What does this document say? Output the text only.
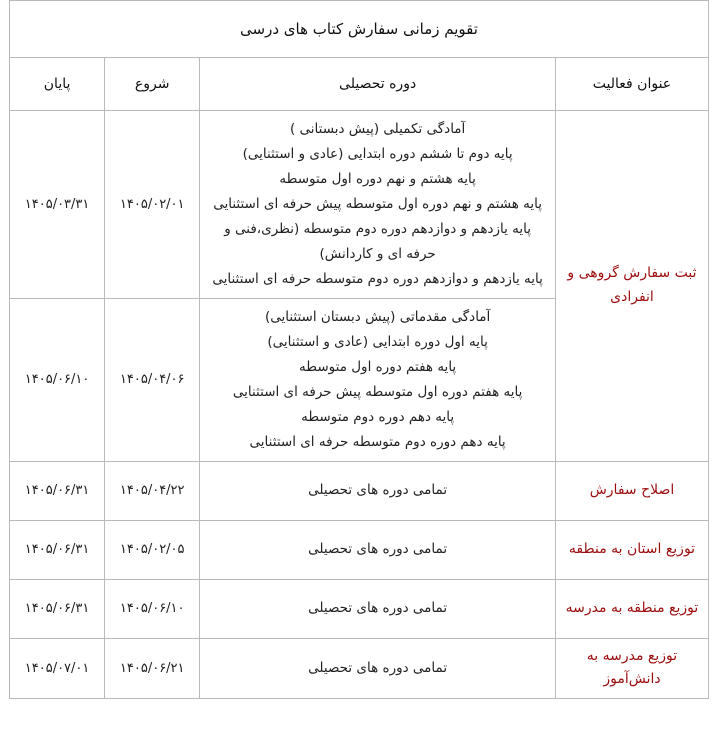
تقویم زمانی سفارش کتاب های درسی			
عنوان فعالیت	دوره تحصیلی	شروع	پایان
ثبت سفارش گروهی و انفرادی	
آمادگی تکمیلی (پیش دبستانی )
پایه دوم تا ششم دوره ابتدایی (عادی و استثنایی)
پایه هشتم و نهم دوره اول متوسطه
پایه هشتم و نهم دوره اول متوسطه پیش حرفه ای استثنایی
پایه یازدهم و دوازدهم دوره دوم متوسطه (نظری،فنی و حرفه ای و کاردانش)
پایه یازدهم و دوازدهم دوره دوم متوسطه حرفه ای استثنایی
	۱۴۰۵/۰۲/۰۱	۱۴۰۵/۰۳/۳۱

آمادگی مقدماتی (پیش دبستان استثنایی)
پایه اول دوره ابتدایی (عادی و استثنایی)
پایه هفتم دوره اول متوسطه
پایه هفتم دوره اول متوسطه پیش حرفه ای استثنایی
پایه دهم دوره دوم متوسطه
پایه دهم دوره دوم متوسطه حرفه ای استثنایی
	۱۴۰۵/۰۴/۰۶	۱۴۰۵/۰۶/۱۰
اصلاح سفارش	تمامی دوره های تحصیلی	۱۴۰۵/۰۴/۲۲	۱۴۰۵/۰۶/۳۱
توزیع استان به منطقه	تمامی دوره های تحصیلی	۱۴۰۵/۰۲/۰۵	۱۴۰۵/۰۶/۳۱
توزیع منطقه به مدرسه	تمامی دوره های تحصیلی	۱۴۰۵/۰۶/۱۰	۱۴۰۵/۰۶/۳۱
توزیع مدرسه به دانش‌آموز	تمامی دوره های تحصیلی	۱۴۰۵/۰۶/۲۱	۱۴۰۵/۰۷/۰۱
